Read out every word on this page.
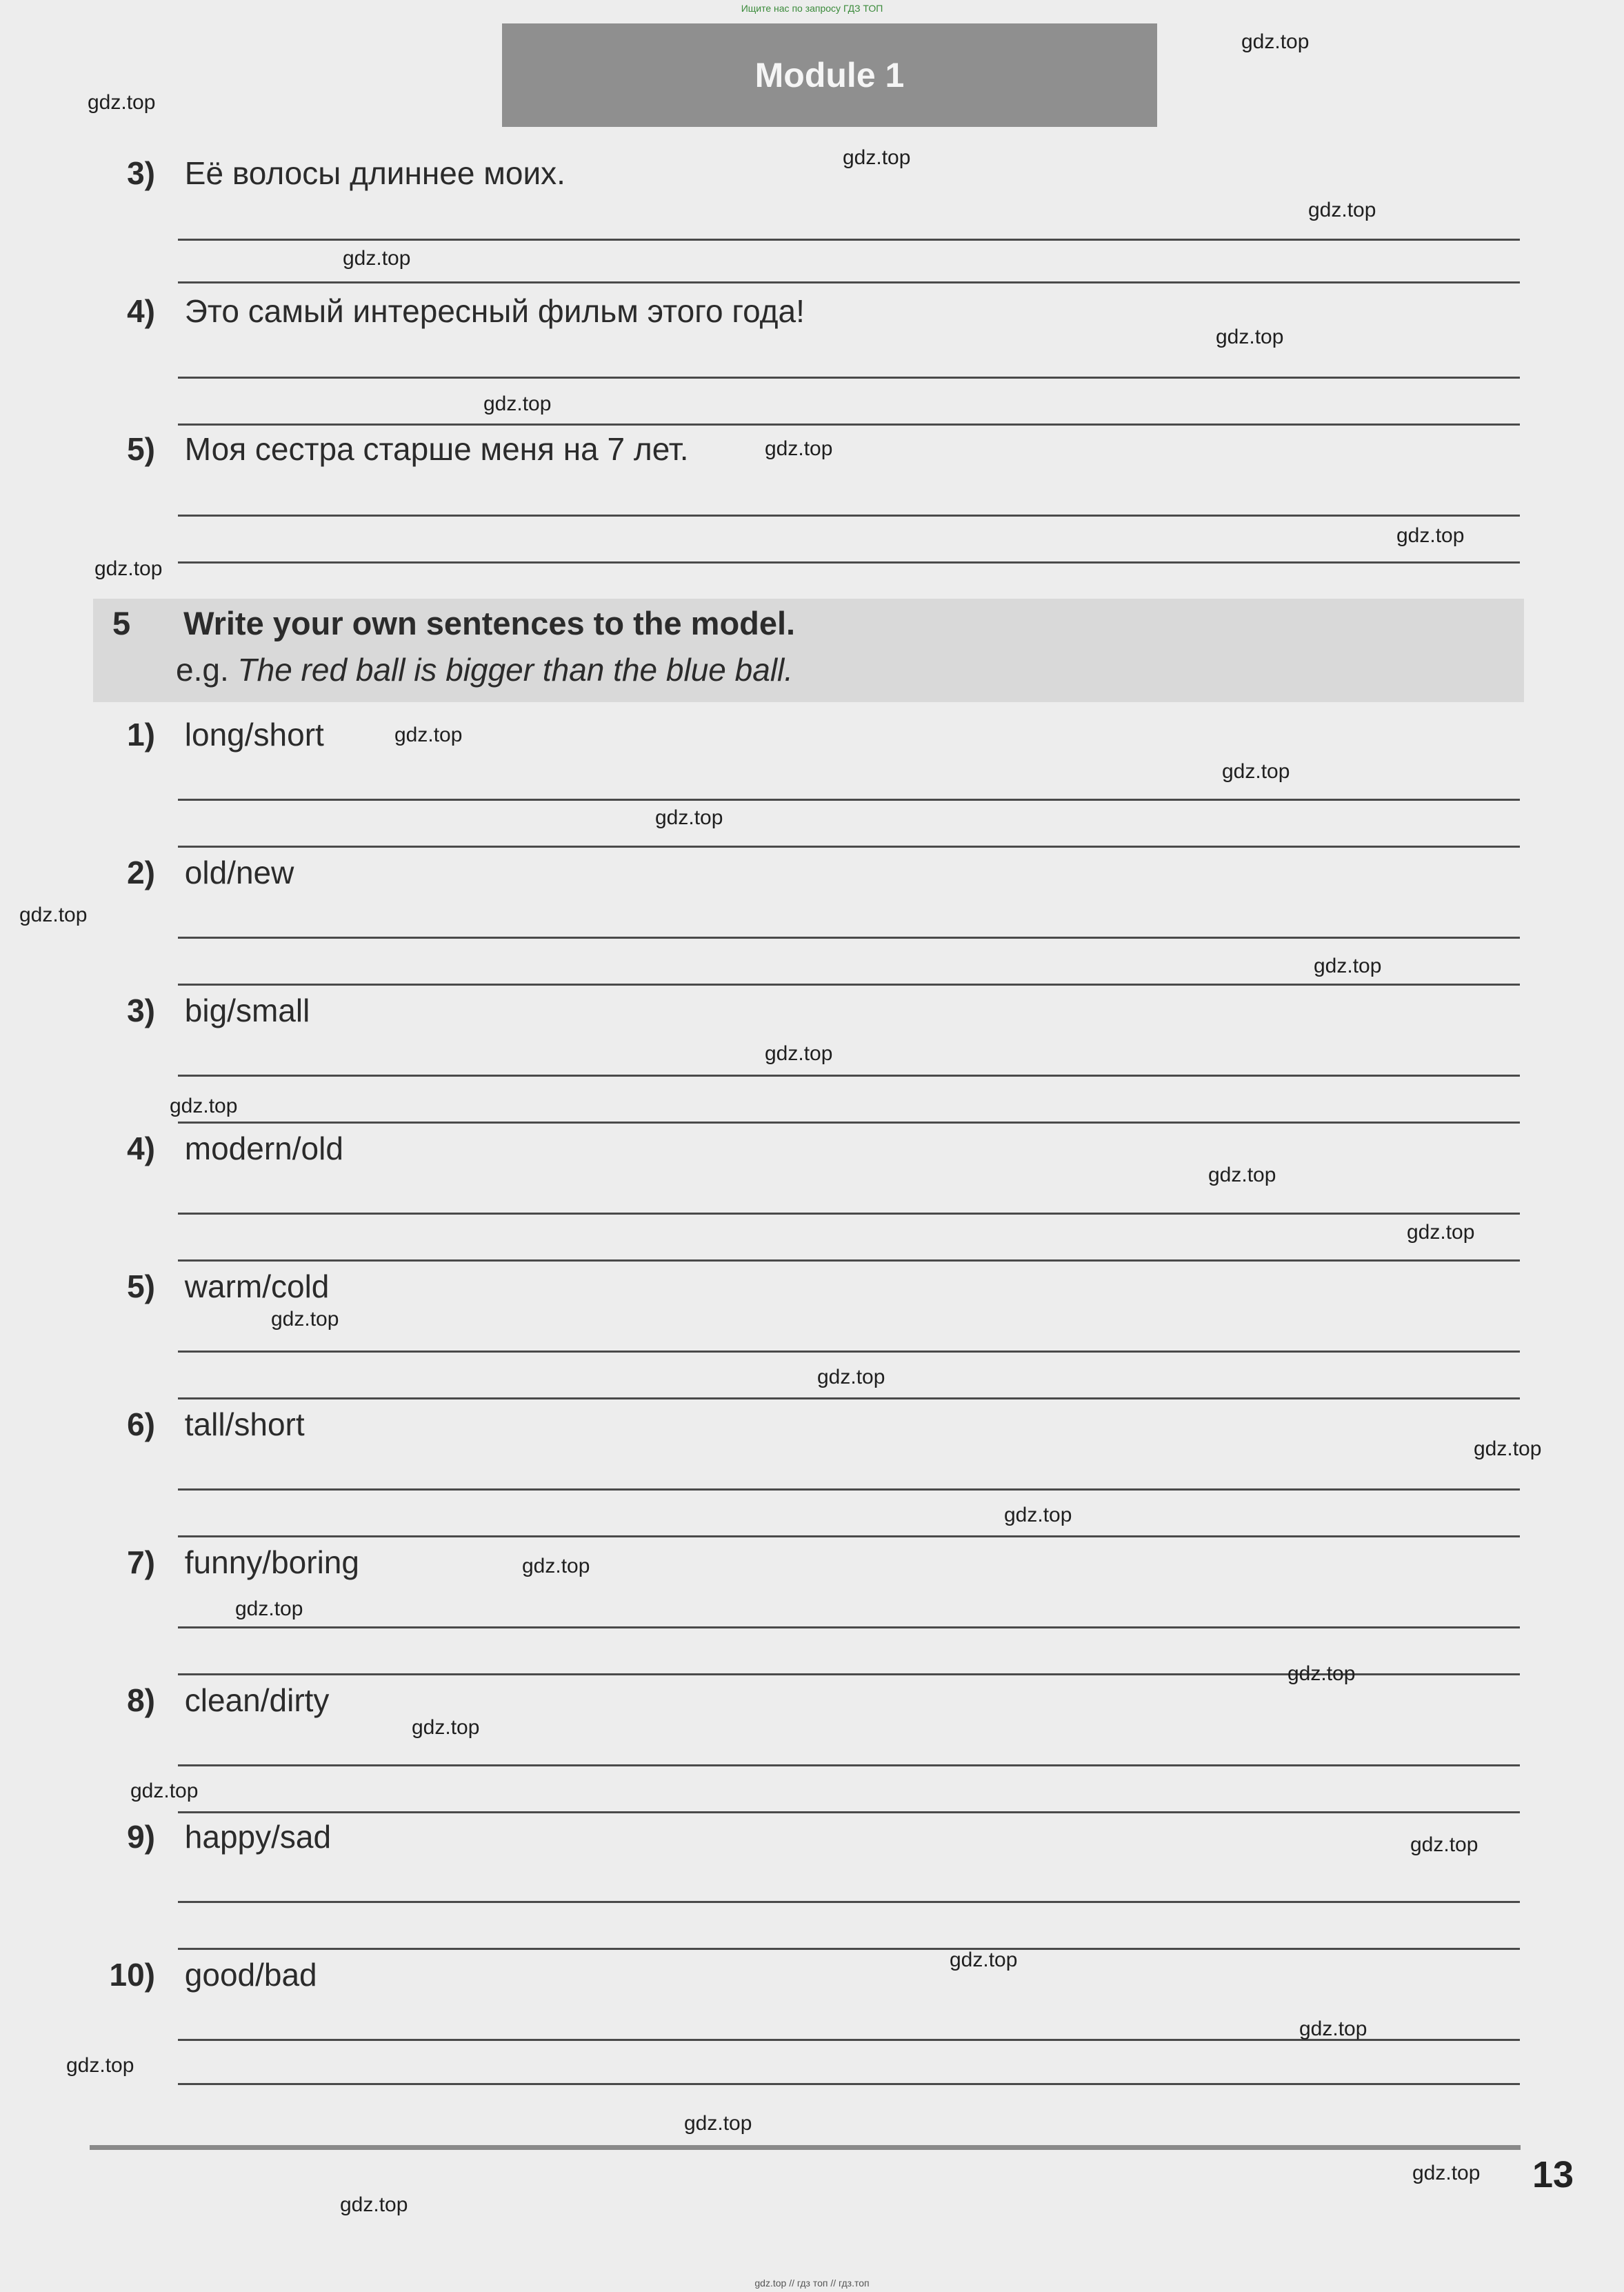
Ищите нас по запросу ГДЗ ТОП
Module 1
3) Её волосы длиннее моих.
4) Это самый интересный фильм этого года!
5) Моя сестра старше меня на 7 лет.
5 Write your own sentences to the model.
e.g. The red ball is bigger than the blue ball.
1) long/short
2) old/new
3) big/small
4) modern/old
5) warm/cold
6) tall/short
7) funny/boring
8) clean/dirty
9) happy/sad
10) good/bad
13
gdz.top
gdz.top
gdz.top
gdz.top
gdz.top
gdz.top
gdz.top
gdz.top
gdz.top
gdz.top
gdz.top
gdz.top
gdz.top
gdz.top
gdz.top
gdz.top
gdz.top
gdz.top
gdz.top
gdz.top
gdz.top
gdz.top
gdz.top
gdz.top
gdz.top
gdz.top
gdz.top
gdz.top
gdz.top
gdz.top
gdz.top
gdz.top
gdz.top
gdz.top
gdz.top
gdz.top // гдз топ // гдз.топ
